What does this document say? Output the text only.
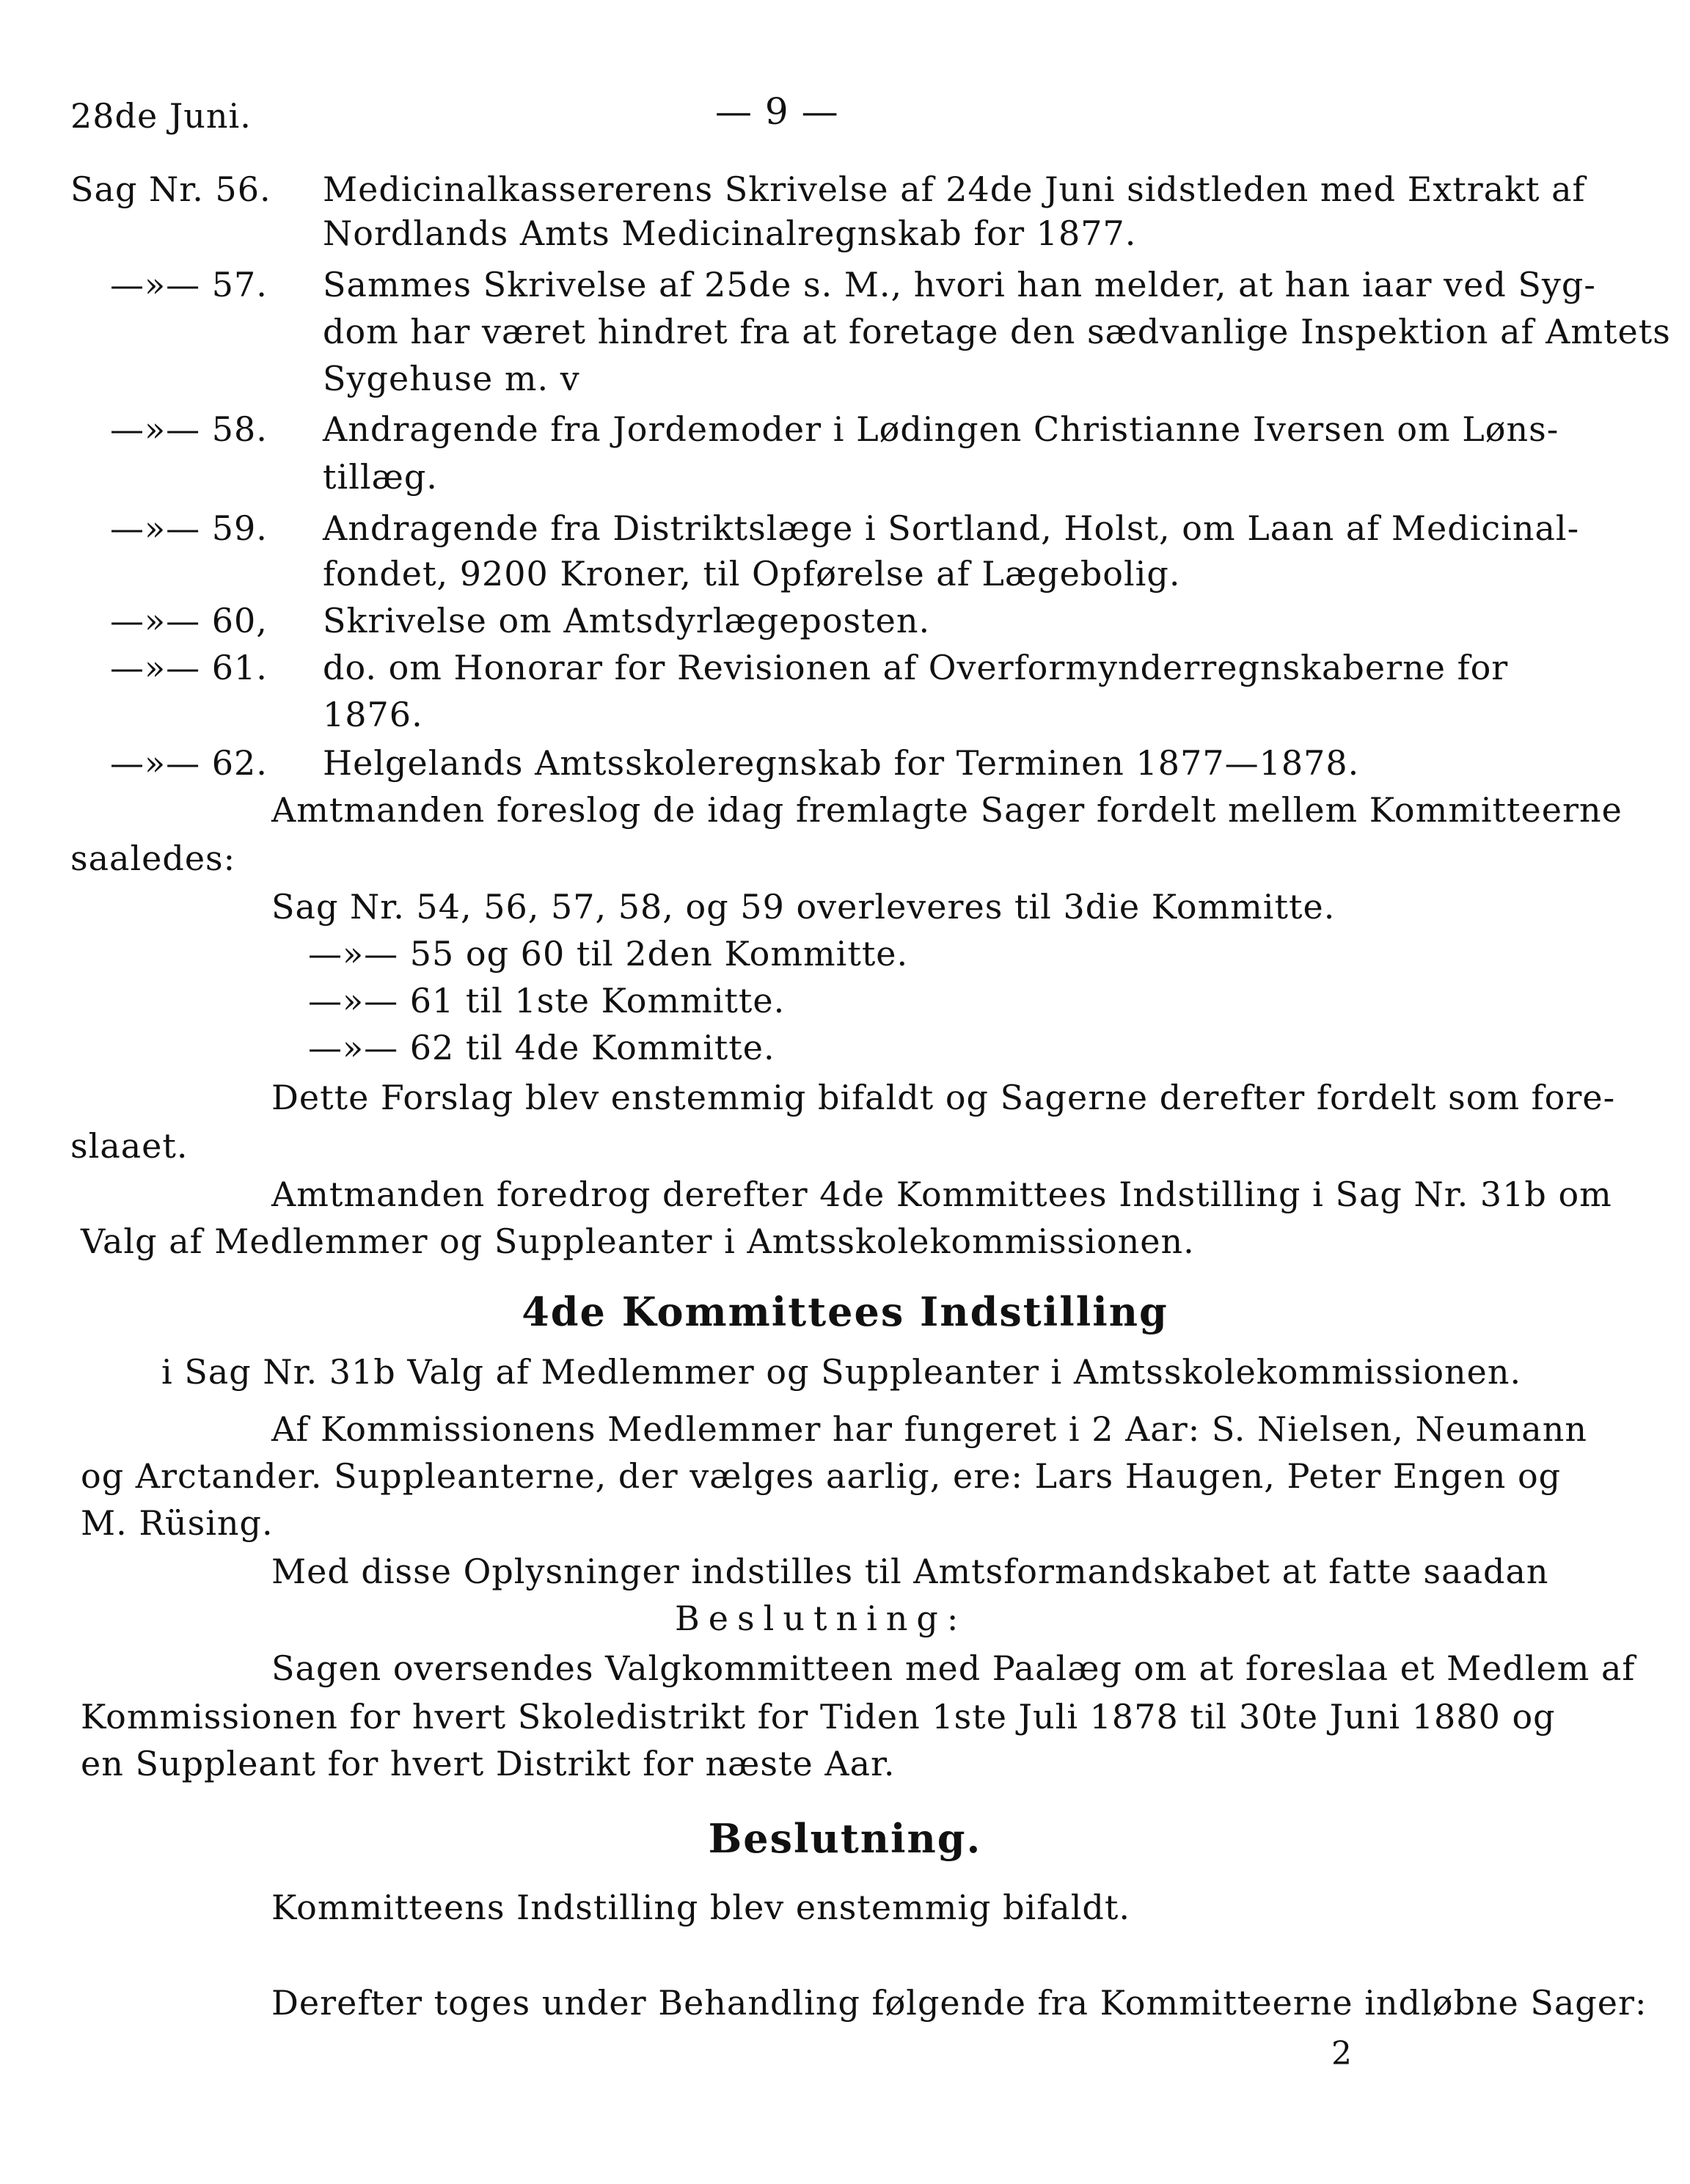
28de Juni.	— 9 —
Sag Nr. 56. Medicinalkassererens Skrivelse af 24de Juni sidstleden med Extrakt af
Nordlands Amts Medicinalregnskab for 1877.
—»— 57. Sammes Skrivelse af 25de s. M., hvori han melder, at han iaar ved Syg-
dom har været hindret fra at foretage den sædvanlige Inspektion af Amtets
Sygehuse m. v
—»— 58. Andragende fra Jordemoder i Lødingen Christianne Iversen om Løns-
tillæg.
—»— 59. Andragende fra Distriktslæge i Sortland, Holst, om Laan af Medicinal-
fondet, 9200 Kroner, til Opførelse af Lægebolig.
—»— 60, Skrivelse om Amtsdyrlægeposten.
—»— 61. do. om Honorar for Revisionen af Overformynderregnskaberne for
1876.
—»— 62. Helgelands Amtsskoleregnskab for Terminen 1877—1878.
Amtmanden foreslog de idag fremlagte Sager fordelt mellem Kommitteerne
saaledes:
Sag Nr. 54, 56, 57, 58, og 59 overleveres til 3die Kommitte.
—»— 55 og 60 til 2den Kommitte.
—»— 61 til 1ste Kommitte.
—»— 62 til 4de Kommitte.
Dette Forslag blev enstemmig bifaldt og Sagerne derefter fordelt som fore-
slaaet.
Amtmanden foredrog derefter 4de Kommittees Indstilling i Sag Nr. 31b om
Valg af Medlemmer og Suppleanter i Amtsskolekommissionen.
4de Kommittees Indstilling
i Sag Nr. 31b Valg af Medlemmer og Suppleanter i Amtsskolekommissionen.
Af Kommissionens Medlemmer har fungeret i 2 Aar: S. Nielsen, Neumann
og Arctander. Suppleanterne, der vælges aarlig, ere: Lars Haugen, Peter Engen og
M. Rüsing.
Med disse Oplysninger indstilles til Amtsformandskabet at fatte saadan
Beslutning:
Sagen oversendes Valgkommitteen med Paalæg om at foreslaa et Medlem af
Kommissionen for hvert Skoledistrikt for Tiden 1ste Juli 1878 til 30te Juni 1880 og
en Suppleant for hvert Distrikt for næste Aar.
Beslutning.
Kommitteens Indstilling blev enstemmig bifaldt.
Derefter toges under Behandling følgende fra Kommitteerne indløbne Sager:
2
